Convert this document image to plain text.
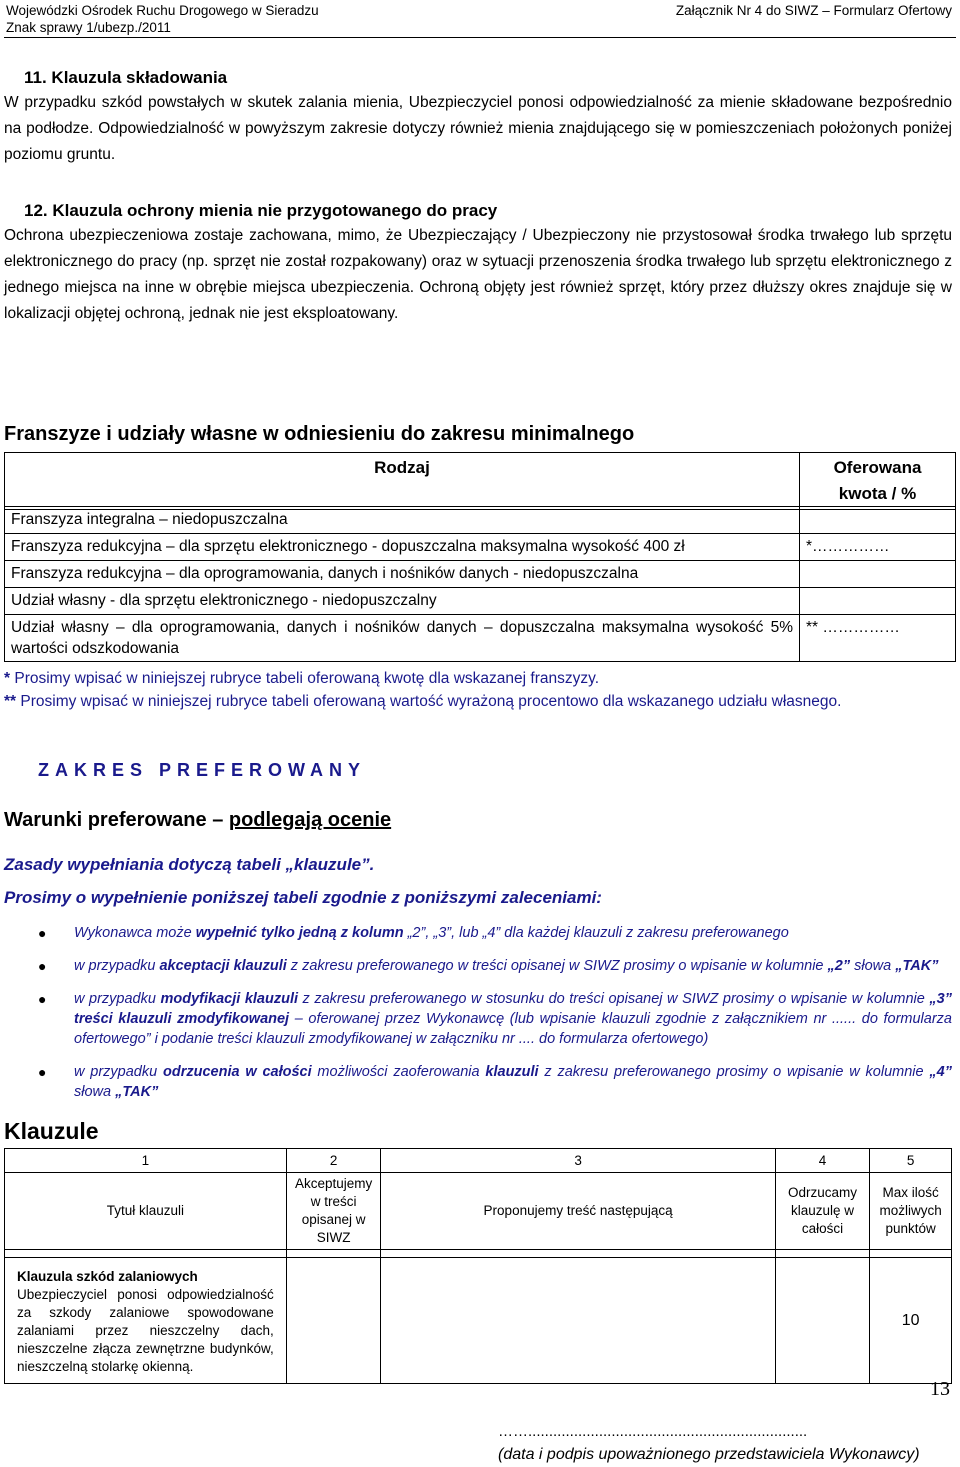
Wojewódzki Ośrodek Ruchu Drogowego w Sieradzu
Znak sprawy 1/ubezp./2011
Załącznik Nr 4 do SIWZ – Formularz Ofertowy
11. Klauzula składowania

W przypadku szkód powstałych w skutek zalania mienia, Ubezpieczyciel ponosi odpowiedzialność za mienie składowane bezpośrednio na podłodze. Odpowiedzialność w powyższym zakresie dotyczy również mienia znajdującego się w pomieszczeniach położonych poniżej poziomu gruntu.

12. Klauzula ochrony mienia nie przygotowanego do pracy

Ochrona ubezpieczeniowa zostaje zachowana, mimo, że Ubezpieczający / Ubezpieczony nie przystosował środka trwałego lub sprzętu elektronicznego do pracy (np. sprzęt nie został rozpakowany) oraz w sytuacji przenoszenia środka trwałego lub sprzętu elektronicznego z jednego miejsca na inne w obrębie miejsca ubezpieczenia. Ochroną objęty jest również sprzęt, który przez dłuższy okres znajduje się w lokalizacji objętej ochroną, jednak nie jest eksploatowany.

Franszyze i udziały własne w odniesieniu do zakresu minimalnego
Rodzaj	Oferowana
kwota / %

Franszyza integralna – niedopuszczalna	
Franszyza redukcyjna – dla sprzętu elektronicznego - dopuszczalna maksymalna wysokość 400 zł	*……………
Franszyza redukcyjna – dla oprogramowania, danych i nośników danych - niedopuszczalna	
Udział własny - dla sprzętu elektronicznego - niedopuszczalny	
Udział własny – dla oprogramowania, danych i nośników danych – dopuszczalna maksymalna wysokość 5% wartości odszkodowania	** ……………
* Prosimy wpisać w niniejszej rubryce tabeli oferowaną kwotę dla wskazanej franszyzy.
** Prosimy wpisać w niniejszej rubryce tabeli oferowaną wartość wyrażoną procentowo dla wskazanego udziału własnego.
ZAKRES PREFEROWANY
Warunki preferowane – podlegają ocenie
Zasady wypełniania dotyczą tabeli „klauzule”.
Prosimy o wypełnienie poniższej tabeli zgodnie z poniższymi zaleceniami:
● Wykonawca może wypełnić tylko jedną z kolumn „2”, „3”, lub „4” dla każdej klauzuli z zakresu preferowanego
● w przypadku akceptacji klauzuli z zakresu preferowanego w treści opisanej w SIWZ prosimy o wpisanie w kolumnie „2” słowa „TAK”
● w przypadku modyfikacji klauzuli z zakresu preferowanego w stosunku do treści opisanej w SIWZ prosimy o wpisanie w kolumnie „3” treści klauzuli zmodyfikowanej – oferowanej przez Wykonawcę (lub wpisanie klauzuli zgodnie z załącznikiem nr ...... do formularza ofertowego” i podanie treści klauzuli zmodyfikowanej w załączniku nr .... do formularza ofertowego)
● w przypadku odrzucenia w całości możliwości zaoferowania klauzuli z zakresu preferowanego prosimy o wpisanie w kolumnie „4” słowa „TAK”
Klauzule
1	2	3	4	5
Tytuł klauzuli	Akceptujemy w treści opisanej w SIWZ	Proponujemy treść następującą	Odrzucamy klauzulę w całości	Max ilość możliwych punktów

Klauzula szkód zalaniowych
Ubezpieczyciel ponosi odpowiedzialność za szkody zalaniowe spowodowane zalaniami przez nieszczelny dach, nieszczelne złącza zewnętrzne budynków, nieszczelną stolarkę okienną.				10
13
……...................................................................
(data i podpis upoważnionego przedstawiciela Wykonawcy)
